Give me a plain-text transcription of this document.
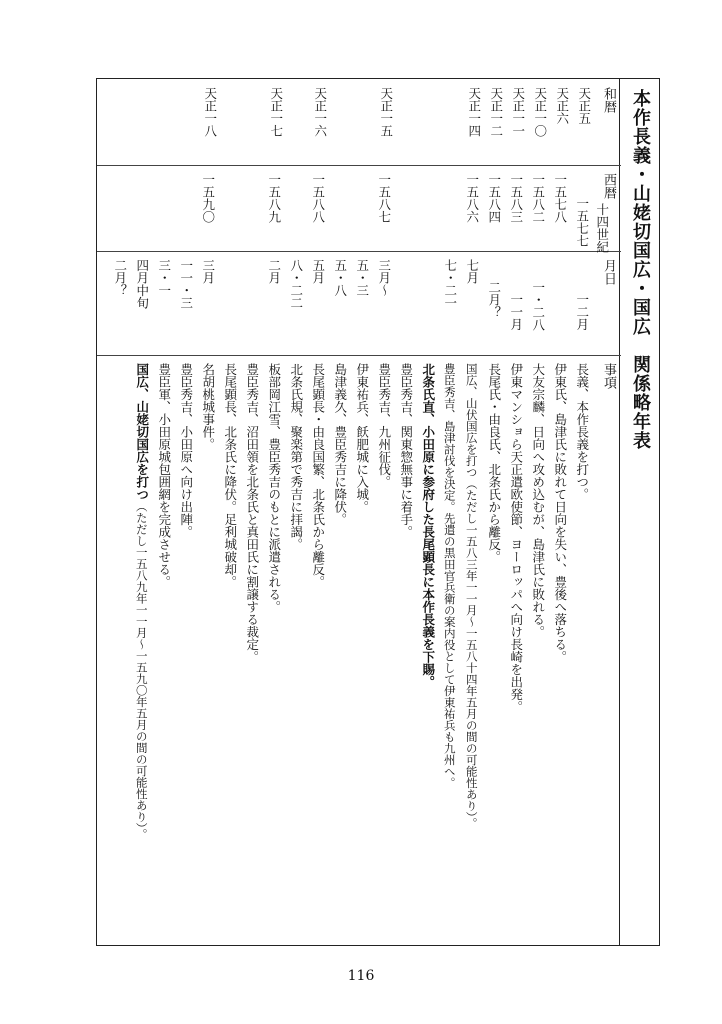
本作長義・山姥切国広・国広　関係略年表
和暦
西暦
月日
事項
天正五
天正六
天正一〇
天正一一
天正一二
天正一四
天正一五
天正一六
天正一七
天正一八
十四世紀
一五七七
一五七八
一五八二
一五八三
一五八四
一五八六
一五八七
一五八八
一五八九
一五九〇
一二月
一・二八
一一月
二月？
七月
七・二一
三月〜
五・三
五・八
五月
八・二二
二月
三月
一一・三
三・一
四月中旬
二月？
長義、本作長義を打つ。
伊東氏、島津氏に敗れて日向を失い、豊後へ落ちる。
大友宗麟、日向へ攻め込むが、島津氏に敗れる。
伊東マンショら天正遣欧使節、ヨーロッパへ向け長崎を出発。
長尾氏・由良氏、北条氏から離反。
国広、山伏国広を打つ（ただし一五八三年一一月〜一五八十四年五月の間の可能性あり）。
豊臣秀吉、島津討伐を決定。先遣の黒田官兵衛の案内役として伊東祐兵も九州へ。
北条氏直、小田原に参府した長尾顕長に本作長義を下賜。
豊臣秀吉、関東惣無事に着手。
豊臣秀吉、九州征伐。
伊東祐兵、飫肥城に入城。
島津義久、豊臣秀吉に降伏。
長尾顕長・由良国繁、北条氏から離反。
北条氏規、聚楽第で秀吉に拝謁。
板部岡江雪、豊臣秀吉のもとに派遣される。
豊臣秀吉、沼田領を北条氏と真田氏に割譲する裁定。
長尾顕長、北条氏に降伏。足利城破却。
名胡桃城事件。
豊臣秀吉、小田原へ向け出陣。
豊臣軍、小田原城包囲網を完成させる。
国広、山姥切国広を打つ（ただし一五八九年一一月〜一五九〇年五月の間の可能性あり）。
116
